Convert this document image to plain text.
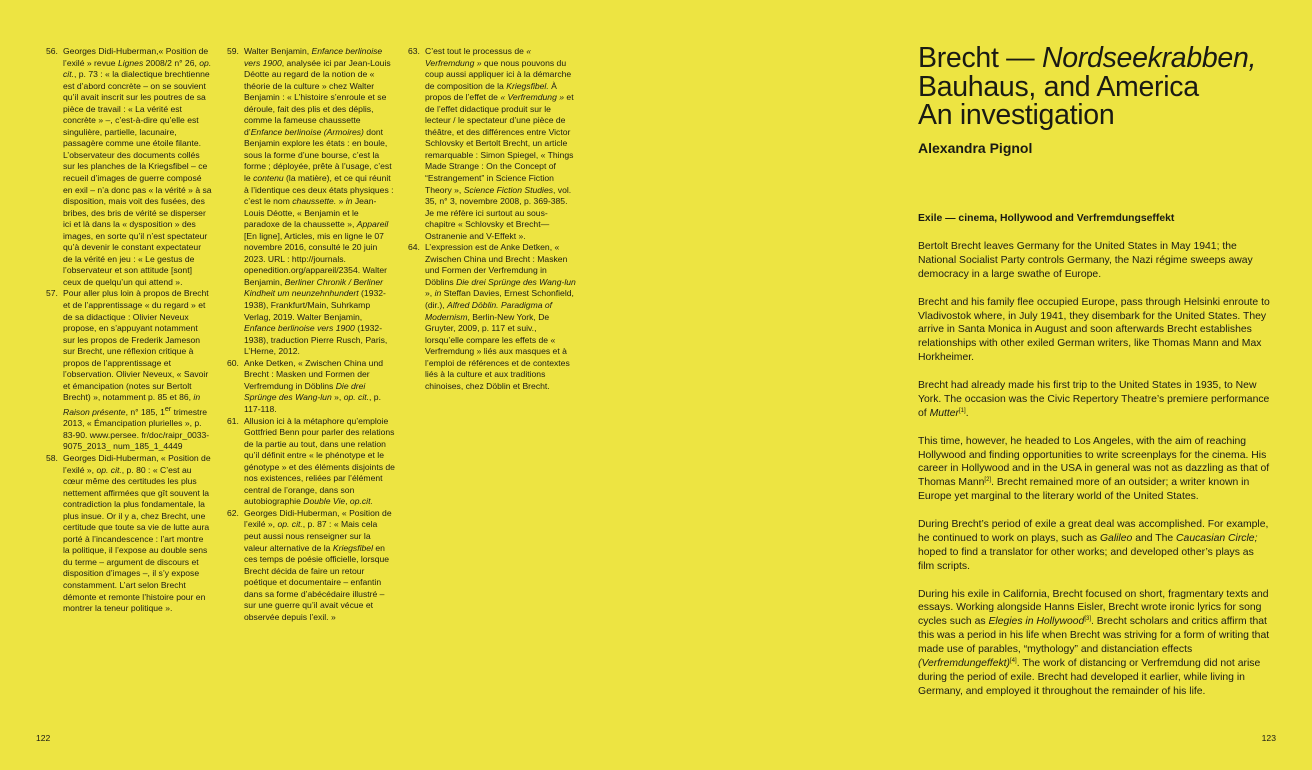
56. Georges Didi-Huberman,« Position de l’exilé » revue Lignes 2008/2 n° 26, op. cit., p. 73 : « la dialectique brechtienne est d’abord concrète – on se souvient qu’il avait inscrit sur les poutres de sa pièce de travail : « La vérité est concrète » –, c’est-à-dire qu’elle est singulière, partielle, lacunaire, passagère comme une étoile filante. L’observateur des documents collés sur les planches de la Kriegsfibel – ce recueil d’images de guerre composé en exil – n’a donc pas « la vérité » à sa disposition, mais voit des fusées, des bribes, des bris de vérité se disperser ici et là dans la « dysposition » des images, en sorte qu’il n’est spectateur qu’à devenir le constant expectateur de la vérité en jeu : « Le gestus de l’observateur et son attitude [sont] ceux de quelqu’un qui attend ».

57. Pour aller plus loin à propos de Brecht et de l’apprentissage « du regard » et de sa didactique : Olivier Neveux propose, en s’appuyant notamment sur les propos de Frederik Jameson sur Brecht, une réflexion critique à propos de l’apprentissage et l’observation. Olivier Neveux, « Savoir et émancipation (notes sur Bertolt Brecht) », notamment p. 85 et 86, in Raison présente, n° 185, 1er trimestre 2013, « Émancipation plurielles », p. 83-90. www.persee. fr/doc/raipr_0033-9075_2013_ num_185_1_4449

58. Georges Didi-Huberman, « Position de l’exilé », op. cit., p. 80 : « C’est au cœur même des certitudes les plus nettement affirmées que gît souvent la contradiction la plus fondamentale, la plus insue. Or il y a, chez Brecht, une certitude que toute sa vie de lutte aura porté à l’incandescence : l’art montre la politique, il l’expose au double sens du terme – argument de discours et disposition d’images –, il s’y expose constamment. L’art selon Brecht démonte et remonte l’histoire pour en montrer la teneur politique ».

59. Walter Benjamin, Enfance berlinoise vers 1900, analysée ici par Jean-Louis Déotte au regard de la notion de « théorie de la culture » chez Walter Benjamin : « L’histoire s’enroule et se déroule, fait des plis et des déplis, comme la fameuse chaussette d’Enfance berlinoise (Armoires) dont Benjamin explore les états : en boule, sous la forme d’une bourse, c’est la forme ; déployée, prête à l’usage, c’est le contenu (la matière), et ce qui réunit à l’identique ces deux états physiques : c’est le nom chaussette. » in Jean-Louis Déotte, « Benjamin et le paradoxe de la chaussette », Appareil [En ligne], Articles, mis en ligne le 07 novembre 2016, consulté le 20 juin 2023. URL : http://journals. openedition.org/appareil/2354. Walter Benjamin, Berliner Chronik / Berliner Kindheit um neunzehnhundert (1932-1938), Frankfurt/Main, Suhrkamp Verlag, 2019. Walter Benjamin, Enfance berlinoise vers 1900 (1932-1938), traduction Pierre Rusch, Paris, L’Herne, 2012.

60. Anke Detken, « Zwischen China und Brecht : Masken und Formen der Verfremdung in Döblins Die drei Sprünge des Wang-lun », op. cit., p. 117-118.

61. Allusion ici à la métaphore qu’emploie Gottfried Benn pour parler des relations de la partie au tout, dans une relation qu’il définit entre « le phénotype et le génotype » et des éléments disjoints de nos existences, reliées par l’élément central de l’orange, dans son autobiographie Double Vie, op.cit.

62. Georges Didi-Huberman, « Position de l’exilé », op. cit., p. 87 : « Mais cela peut aussi nous renseigner sur la valeur alternative de la Kriegsfibel en ces temps de poésie officielle, lorsque Brecht décida de faire un retour poétique et documentaire – enfantin dans sa forme d’abécédaire illustré – sur une guerre qu’il avait vécue et observée depuis l’exil. »

63. C’est tout le processus de « Verfremdung » que nous pouvons du coup aussi appliquer ici à la démarche de composition de la Kriegsfibel. À propos de l’effet de « Verfremdung » et de l’effet didactique produit sur le lecteur / le spectateur d’une pièce de théâtre, et des différences entre Victor Schlovsky et Bertolt Brecht, un article remarquable : Simon Spiegel, « Things Made Strange : On the Concept of “Estrangement” in Science Fiction Theory », Science Fiction Studies, vol. 35, n° 3, novembre 2008, p. 369-385. Je me réfère ici surtout au sous-chapitre « Schlovsky et Brecht— Ostranenie and V-Effekt ».

64. L’expression est de Anke Detken, « Zwischen China und Brecht : Masken und Formen der Verfremdung in Döblins Die drei Sprünge des Wang-lun », in Steffan Davies, Ernest Schonfield, (dir.), Alfred Döblin. Paradigma of Modernism, Berlin-New York, De Gruyter, 2009, p. 117 et suiv., lorsqu’elle compare les effets de « Verfremdung » liés aux masques et à l’emploi de références et de contextes liés à la culture et aux traditions chinoises, chez Döblin et Brecht.

Brecht — Nordseekrabben,
Bauhaus, and America
An investigation

Alexandra Pignol

Exile — cinema, Hollywood and Verfremdungseffekt

Bertolt Brecht leaves Germany for the United States in May 1941; the National Socialist Party controls Germany, the Nazi régime sweeps away democracy in a large swathe of Europe.

Brecht and his family flee occupied Europe, pass through Helsinki enroute to Vladivostok where, in July 1941, they disembark for the United States. They arrive in Santa Monica in August and soon afterwards Brecht establishes relationships with other exiled German writers, like Thomas Mann and Max Horkheimer.

Brecht had already made his first trip to the United States in 1935, to New York. The occasion was the Civic Repertory Theatre’s premiere performance of Mutter[1].

This time, however, he headed to Los Angeles, with the aim of reaching Hollywood and finding opportunities to write screenplays for the cinema. His career in Hollywood and in the USA in general was not as dazzling as that of Thomas Mann[2]. Brecht remained more of an outsider; a writer known in Europe yet marginal to the literary world of the United States.

During Brecht’s period of exile a great deal was accomplished. For example, he continued to work on plays, such as Galileo and The Caucasian Circle; hoped to find a translator for other works; and developed other’s plays as film scripts.

During his exile in California, Brecht focused on short, fragmentary texts and essays. Working alongside Hanns Eisler, Brecht wrote ironic lyrics for song cycles such as Elegies in Hollywood[3]. Brecht scholars and critics affirm that this was a period in his life when Brecht was striving for a form of writing that made use of parables, “mythology” and distanciation effects (Verfremdungeffekt)[4]. The work of distancing or Verfremdung did not arise during the period of exile. Brecht had developed it earlier, while living in Germany, and employed it throughout the remainder of his life.

122	123
